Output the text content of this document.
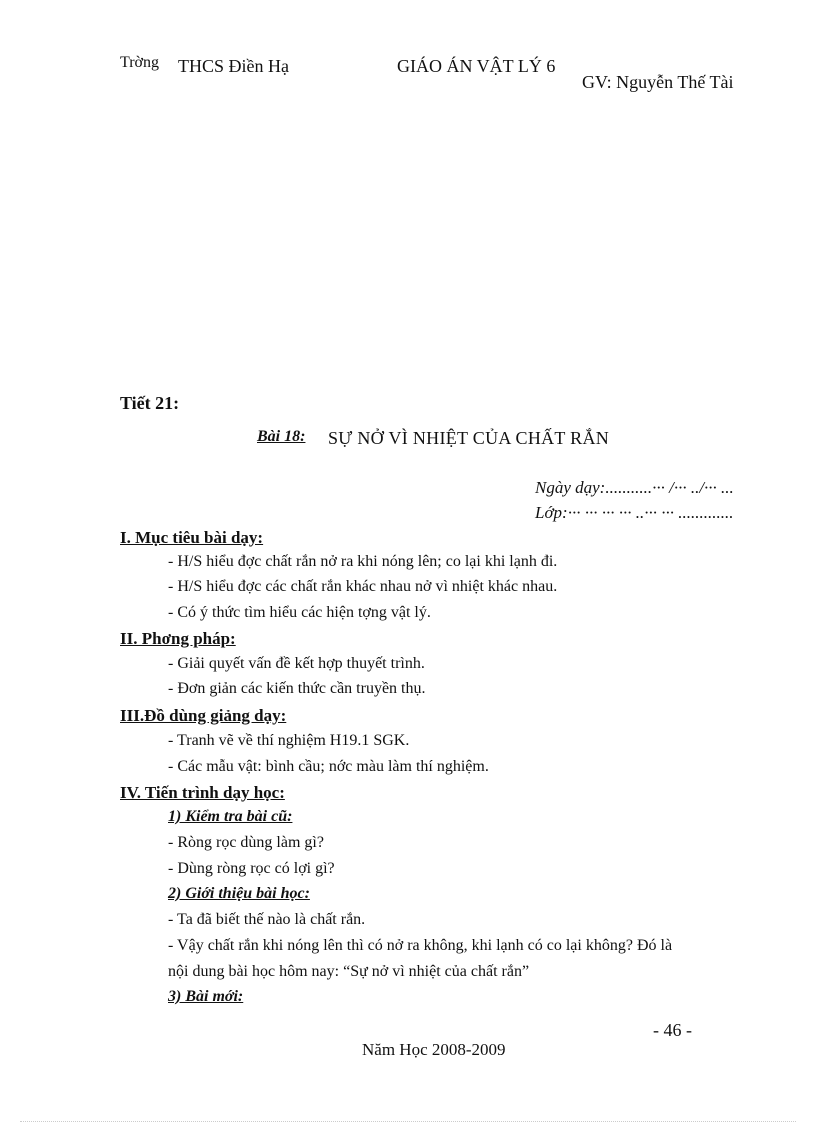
Trờng THCS Điền Hạ	GIÁO ÁN VẬT LÝ 6
GV: Nguyễn Thế Tài
Tiết 21:
Bài 18: SỰ NỞ VÌ NHIỆT CỦA CHẤT RẮN
Ngày dạy:...........··· /··· ../··· ...
Lớp:··· ··· ··· ··· ..··· ··· .............
I. Mục tiêu bài dạy:
- H/S hiểu đợc chất rắn nở ra khi nóng lên; co lại khi lạnh đi.
- H/S hiểu đợc các chất rắn khác nhau nở vì nhiệt khác nhau.
- Có ý thức tìm hiểu các hiện tợng vật lý.
II. Phơng pháp:
- Giải quyết vấn đề kết hợp thuyết trình.
- Đơn giản các kiến thức cần truyền thụ.
III.Đồ dùng giảng dạy:
- Tranh vẽ về thí nghiệm H19.1 SGK.
- Các mẫu vật: bình cầu; nớc màu làm thí nghiệm.
IV. Tiến trình dạy học:
1) Kiểm tra bài cũ:
- Ròng rọc dùng làm gì?
- Dùng ròng rọc có lợi gì?
2) Giới thiệu bài học:
- Ta đã biết thế nào là chất rắn.
- Vậy chất rắn khi nóng lên thì có nở ra không, khi lạnh có co lại không? Đó là
nội dung bài học hôm nay: “Sự nở vì nhiệt của chất rắn”
3) Bài mới:
- 46 -
Năm Học 2008-2009
